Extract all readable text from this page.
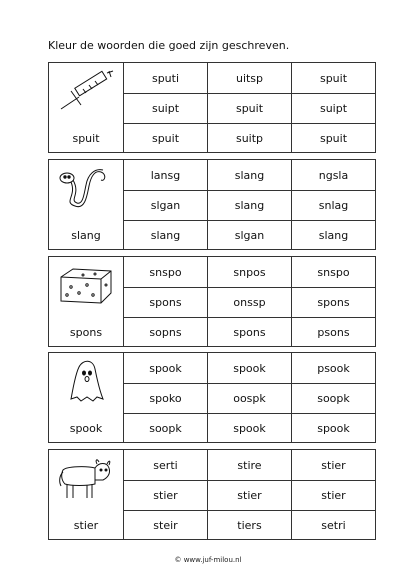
Kleur de woorden die goed zijn geschreven.
spuit
sputi	uitsp	spuit
suipt	spuit	suipt
spuit	suitp	spuit
slang
lansg	slang	ngsla
slgan	slang	snlag
slang	slgan	slang
spons
snspo	snpos	snspo
spons	onssp	spons
sopns	spons	psons
spook
spook	spook	psook
spoko	oospk	soopk
soopk	spook	spook
stier
serti	stire	stier
stier	stier	stier
steir	tiers	setri
© www.juf-milou.nl
